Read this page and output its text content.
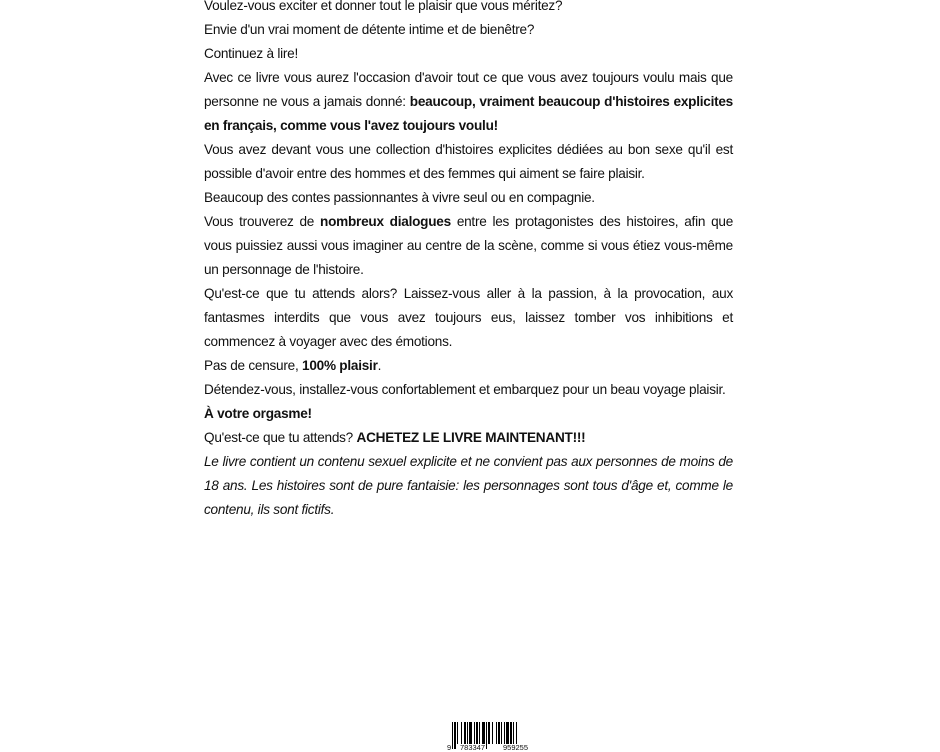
Voulez-vous exciter et donner tout le plaisir que vous méritez?

Envie d'un vrai moment de détente intime et de bienêtre?

Continuez à lire!

Avec ce livre vous aurez l'occasion d'avoir tout ce que vous avez toujours voulu mais que personne ne vous a jamais donné: beaucoup, vraiment beaucoup d'histoires explicites en français, comme vous l'avez toujours voulu!

Vous avez devant vous une collection d'histoires explicites dédiées au bon sexe qu'il est possible d'avoir entre des hommes et des femmes qui aiment se faire plaisir.

Beaucoup des contes passionnantes à vivre seul ou en compagnie.

Vous trouverez de nombreux dialogues entre les protagonistes des histoires, afin que vous puissiez aussi vous imaginer au centre de la scène, comme si vous étiez vous-même un personnage de l'histoire.

Qu'est-ce que tu attends alors? Laissez-vous aller à la passion, à la provocation, aux fantasmes interdits que vous avez toujours eus, laissez tomber vos inhibitions et commencez à voyager avec des émotions.

Pas de censure, 100% plaisir.

Détendez-vous, installez-vous confortablement et embarquez pour un beau voyage plaisir.

À votre orgasme!

Qu'est-ce que tu attends? ACHETEZ LE LIVRE MAINTENANT!!!

Le livre contient un contenu sexuel explicite et ne convient pas aux personnes de moins de 18 ans. Les histoires sont de pure fantaisie: les personnages sont tous d'âge et, comme le contenu, ils sont fictifs.

9 783347 959255
